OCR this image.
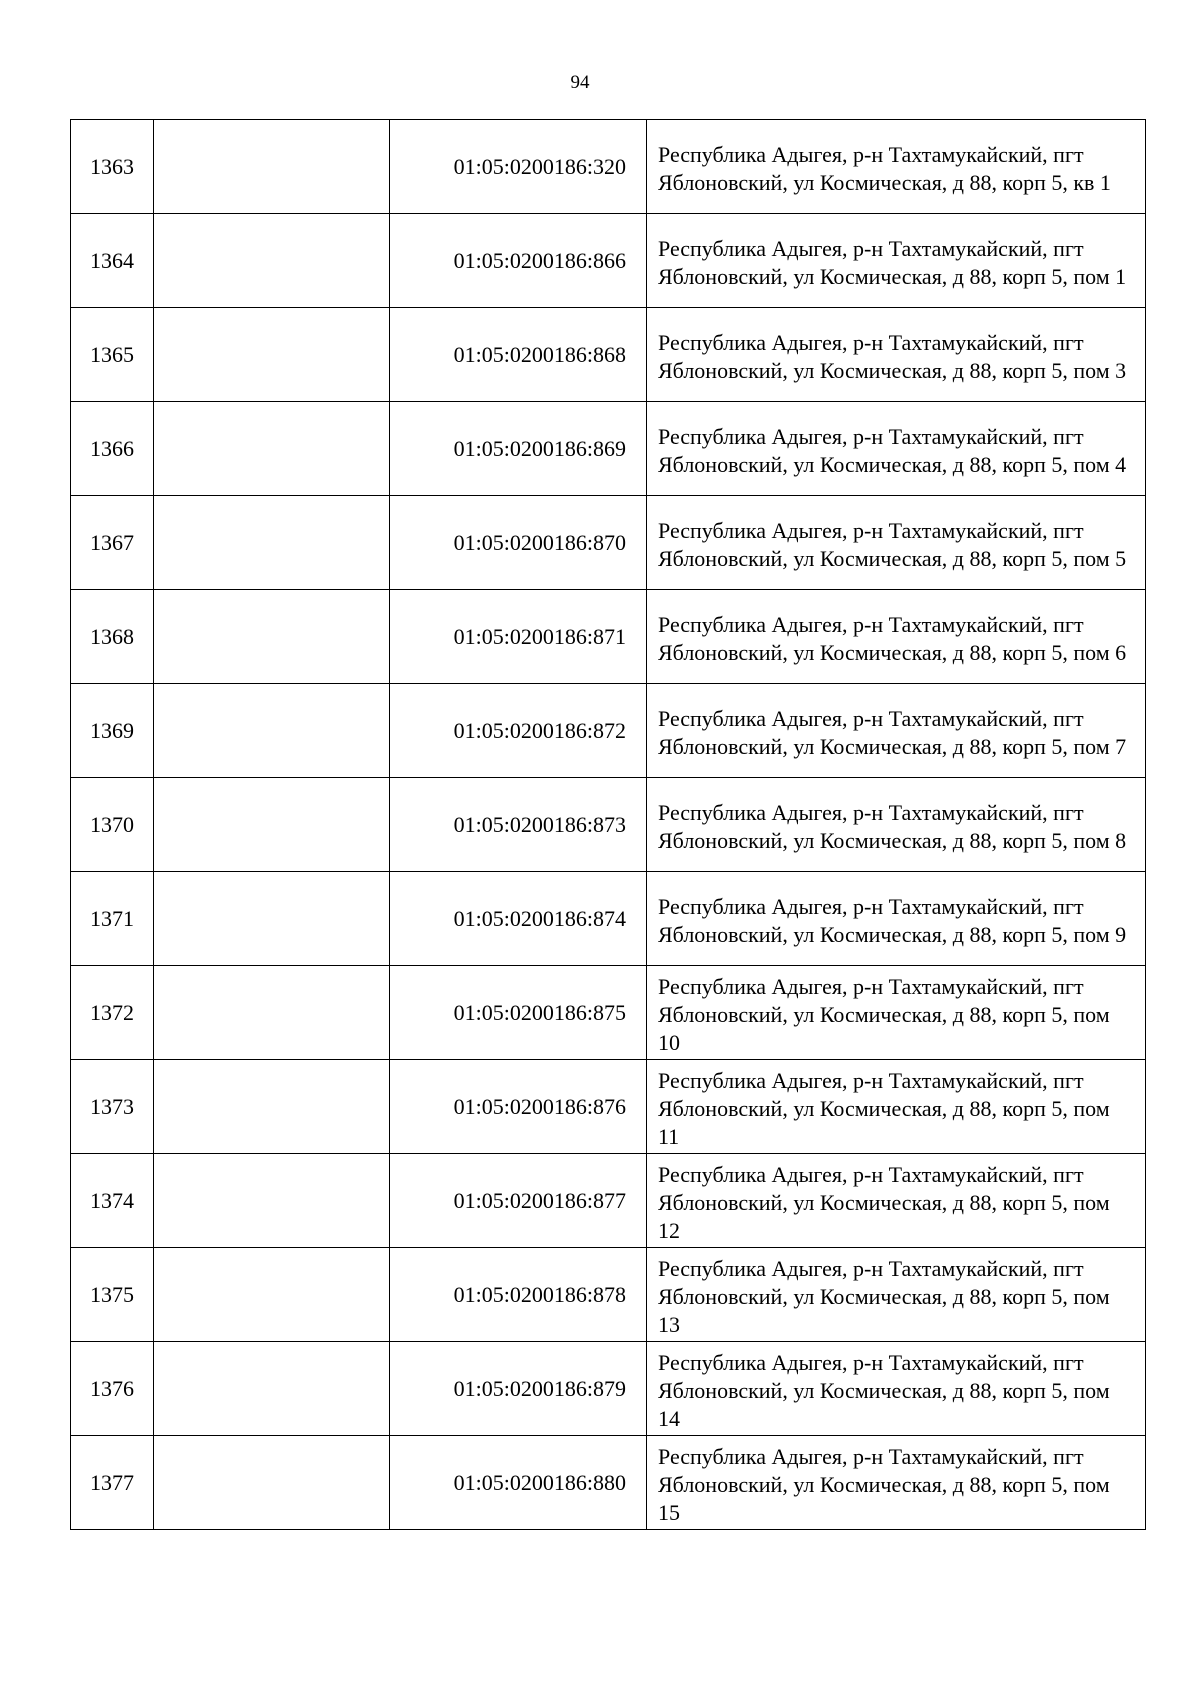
94
1363		01:05:0200186:320	Республика Адыгея, р-н Тахтамукайский, пгт Яблоновский, ул Космическая, д 88, корп 5, кв 1

1364		01:05:0200186:866	Республика Адыгея, р-н Тахтамукайский, пгт Яблоновский, ул Космическая, д 88, корп 5, пом 1

1365		01:05:0200186:868	Республика Адыгея, р-н Тахтамукайский, пгт Яблоновский, ул Космическая, д 88, корп 5, пом 3

1366		01:05:0200186:869	Республика Адыгея, р-н Тахтамукайский, пгт Яблоновский, ул Космическая, д 88, корп 5, пом 4

1367		01:05:0200186:870	Республика Адыгея, р-н Тахтамукайский, пгт Яблоновский, ул Космическая, д 88, корп 5, пом 5

1368		01:05:0200186:871	Республика Адыгея, р-н Тахтамукайский, пгт Яблоновский, ул Космическая, д 88, корп 5, пом 6

1369		01:05:0200186:872	Республика Адыгея, р-н Тахтамукайский, пгт Яблоновский, ул Космическая, д 88, корп 5, пом 7

1370		01:05:0200186:873	Республика Адыгея, р-н Тахтамукайский, пгт Яблоновский, ул Космическая, д 88, корп 5, пом 8

1371		01:05:0200186:874	Республика Адыгея, р-н Тахтамукайский, пгт Яблоновский, ул Космическая, д 88, корп 5, пом 9

1372		01:05:0200186:875	Республика Адыгея, р-н Тахтамукайский, пгт Яблоновский, ул Космическая, д 88, корп 5, пом 10

1373		01:05:0200186:876	Республика Адыгея, р-н Тахтамукайский, пгт Яблоновский, ул Космическая, д 88, корп 5, пом 11

1374		01:05:0200186:877	Республика Адыгея, р-н Тахтамукайский, пгт Яблоновский, ул Космическая, д 88, корп 5, пом 12

1375		01:05:0200186:878	Республика Адыгея, р-н Тахтамукайский, пгт Яблоновский, ул Космическая, д 88, корп 5, пом 13

1376		01:05:0200186:879	Республика Адыгея, р-н Тахтамукайский, пгт Яблоновский, ул Космическая, д 88, корп 5, пом 14

1377		01:05:0200186:880	Республика Адыгея, р-н Тахтамукайский, пгт Яблоновский, ул Космическая, д 88, корп 5, пом 15
